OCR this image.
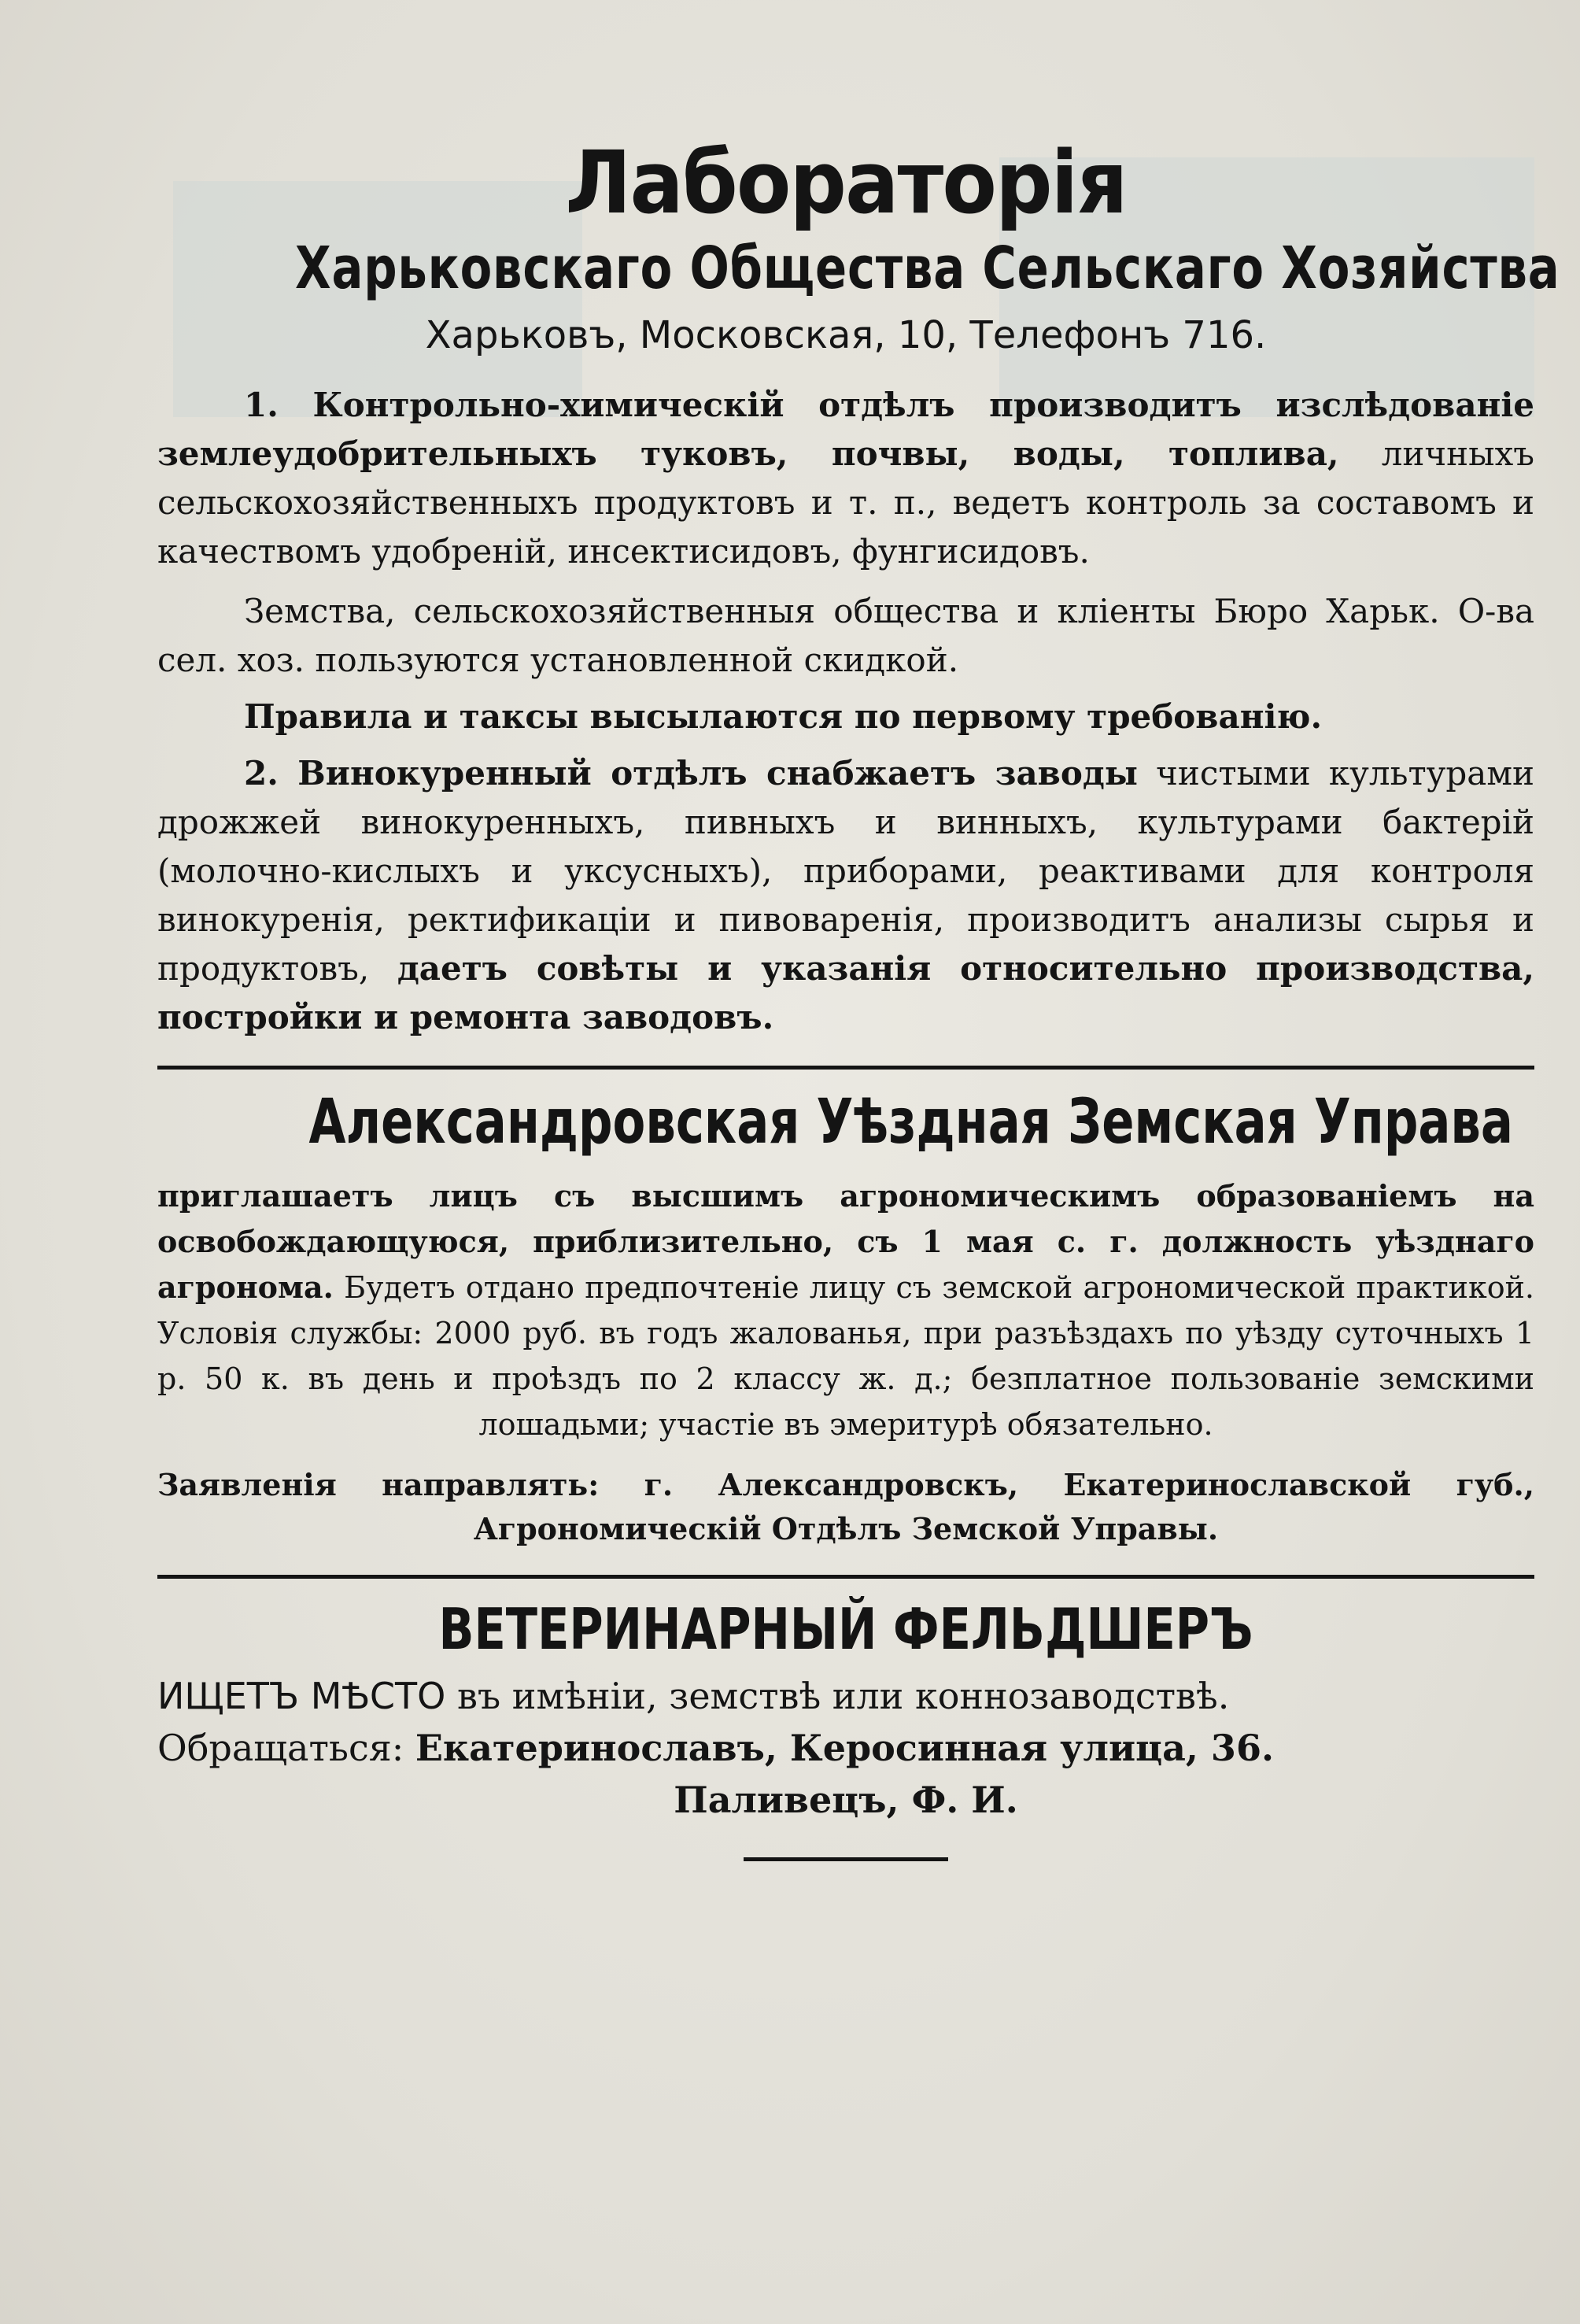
Лабораторія
Харьковскаго Общества Сельскаго Хозяйства
Харьковъ, Московская, 10, Телефонъ 716.

1. Контрольно-химическій отдѣлъ производитъ изслѣдованіе землеудобрительныхъ туковъ, почвы, воды, топлива, личныхъ сельскохозяйственныхъ продуктовъ и т. п., ведетъ контроль за составомъ и качествомъ удобреній, инсектисидовъ, фунгисидовъ.

Земства, сельскохозяйственныя общества и кліенты Бюро Харьк. О-ва сел. хоз. пользуются установленной скидкой.

Правила и таксы высылаются по первому требованію.

2. Винокуренный отдѣлъ снабжаетъ заводы чистыми культурами дрожжей винокуренныхъ, пивныхъ и винныхъ, культурами бактерій (молочно-кислыхъ и уксусныхъ), приборами, реактивами для контроля винокуренія, ректификаціи и пивоваренія, производитъ анализы сырья и продуктовъ, даетъ совѣты и указанія относительно производства, постройки и ремонта заводовъ.

Александровская Уѣздная Земская Управа

приглашаетъ лицъ съ высшимъ агрономическимъ образованіемъ на освобождающуюся, приблизительно, съ 1 мая с. г. должность уѣзднаго агронома. Будетъ отдано предпочтеніе лицу съ земской агрономической практикой. Условія службы: 2000 руб. въ годъ жалованья, при разъѣздахъ по уѣзду суточныхъ 1 р. 50 к. въ день и проѣздъ по 2 классу ж. д.; безплатное пользованіе земскими лошадьми; участіе въ эмеритурѣ обязательно.

Заявленія направлять: г. Александровскъ, Екатеринославской губ., Агрономическій Отдѣлъ Земской Управы.

ВЕТЕРИНАРНЫЙ ФЕЛЬДШЕРЪ

ИЩЕТЪ МѢСТО въ имѣніи, земствѣ или коннозаводствѣ.

Обращаться: Екатеринославъ, Керосинная улица, 36.

Паливецъ, Ф. И.
